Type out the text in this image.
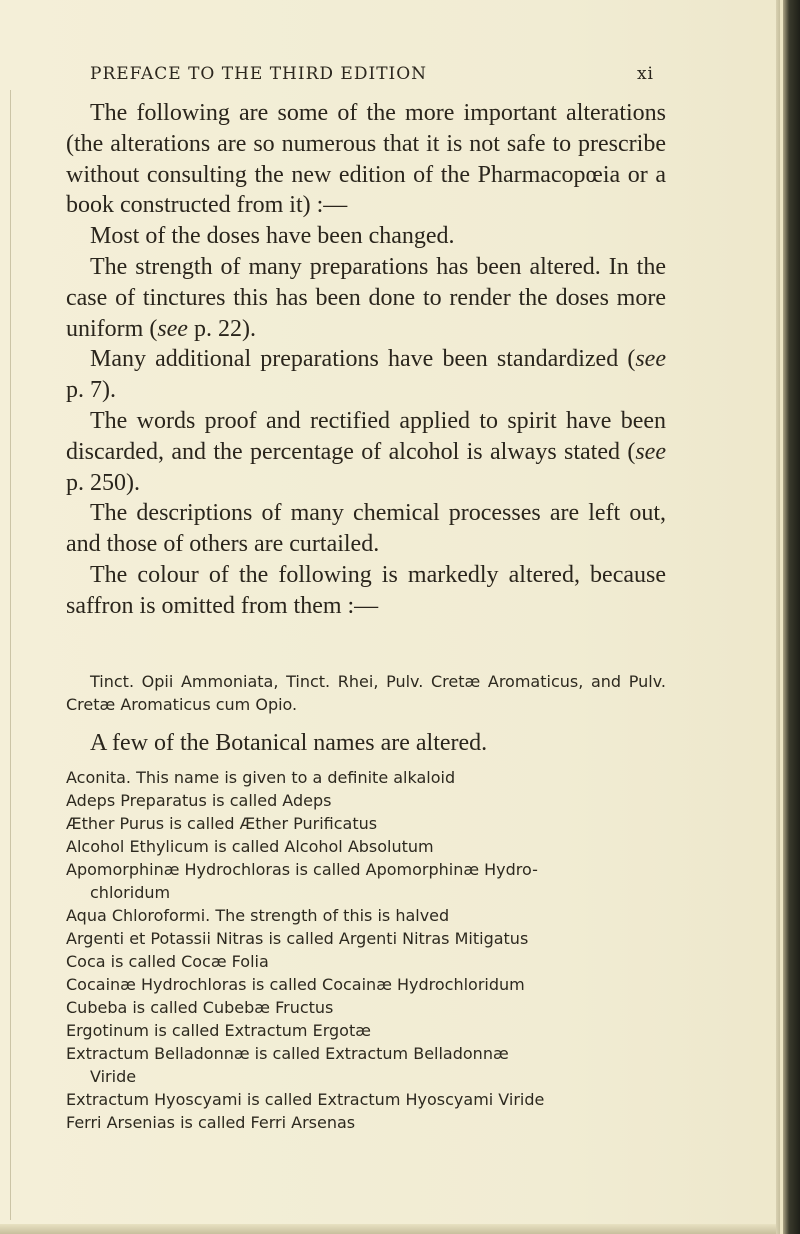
PREFACE TO THE THIRD EDITION	xi

The following are some of the more important alterations (the alterations are so numerous that it is not safe to prescribe without consulting the new edition of the Pharmacopœia or a book constructed from it) :—

Most of the doses have been changed.

The strength of many preparations has been altered. In the case of tinctures this has been done to render the doses more uniform (see p. 22).

Many additional preparations have been standardized (see p. 7).

The words proof and rectified applied to spirit have been discarded, and the percentage of alcohol is always stated (see p. 250).

The descriptions of many chemical processes are left out, and those of others are curtailed.

The colour of the following is markedly altered, because saffron is omitted from them :—

Tinct. Opii Ammoniata, Tinct. Rhei, Pulv. Cretæ Aromaticus, and Pulv. Cretæ Aromaticus cum Opio.

A few of the Botanical names are altered.

Aconita. This name is given to a definite alkaloid

Adeps Preparatus is called Adeps

Æther Purus is called Æther Purificatus

Alcohol Ethylicum is called Alcohol Absolutum

Apomorphinæ Hydrochloras is called Apomorphinæ Hydro-

chloridum

Aqua Chloroformi. The strength of this is halved

Argenti et Potassii Nitras is called Argenti Nitras Mitigatus

Coca is called Cocæ Folia

Cocainæ Hydrochloras is called Cocainæ Hydrochloridum

Cubeba is called Cubebæ Fructus

Ergotinum is called Extractum Ergotæ

Extractum Belladonnæ is called Extractum Belladonnæ

Viride

Extractum Hyoscyami is called Extractum Hyoscyami Viride

Ferri Arsenias is called Ferri Arsenas
